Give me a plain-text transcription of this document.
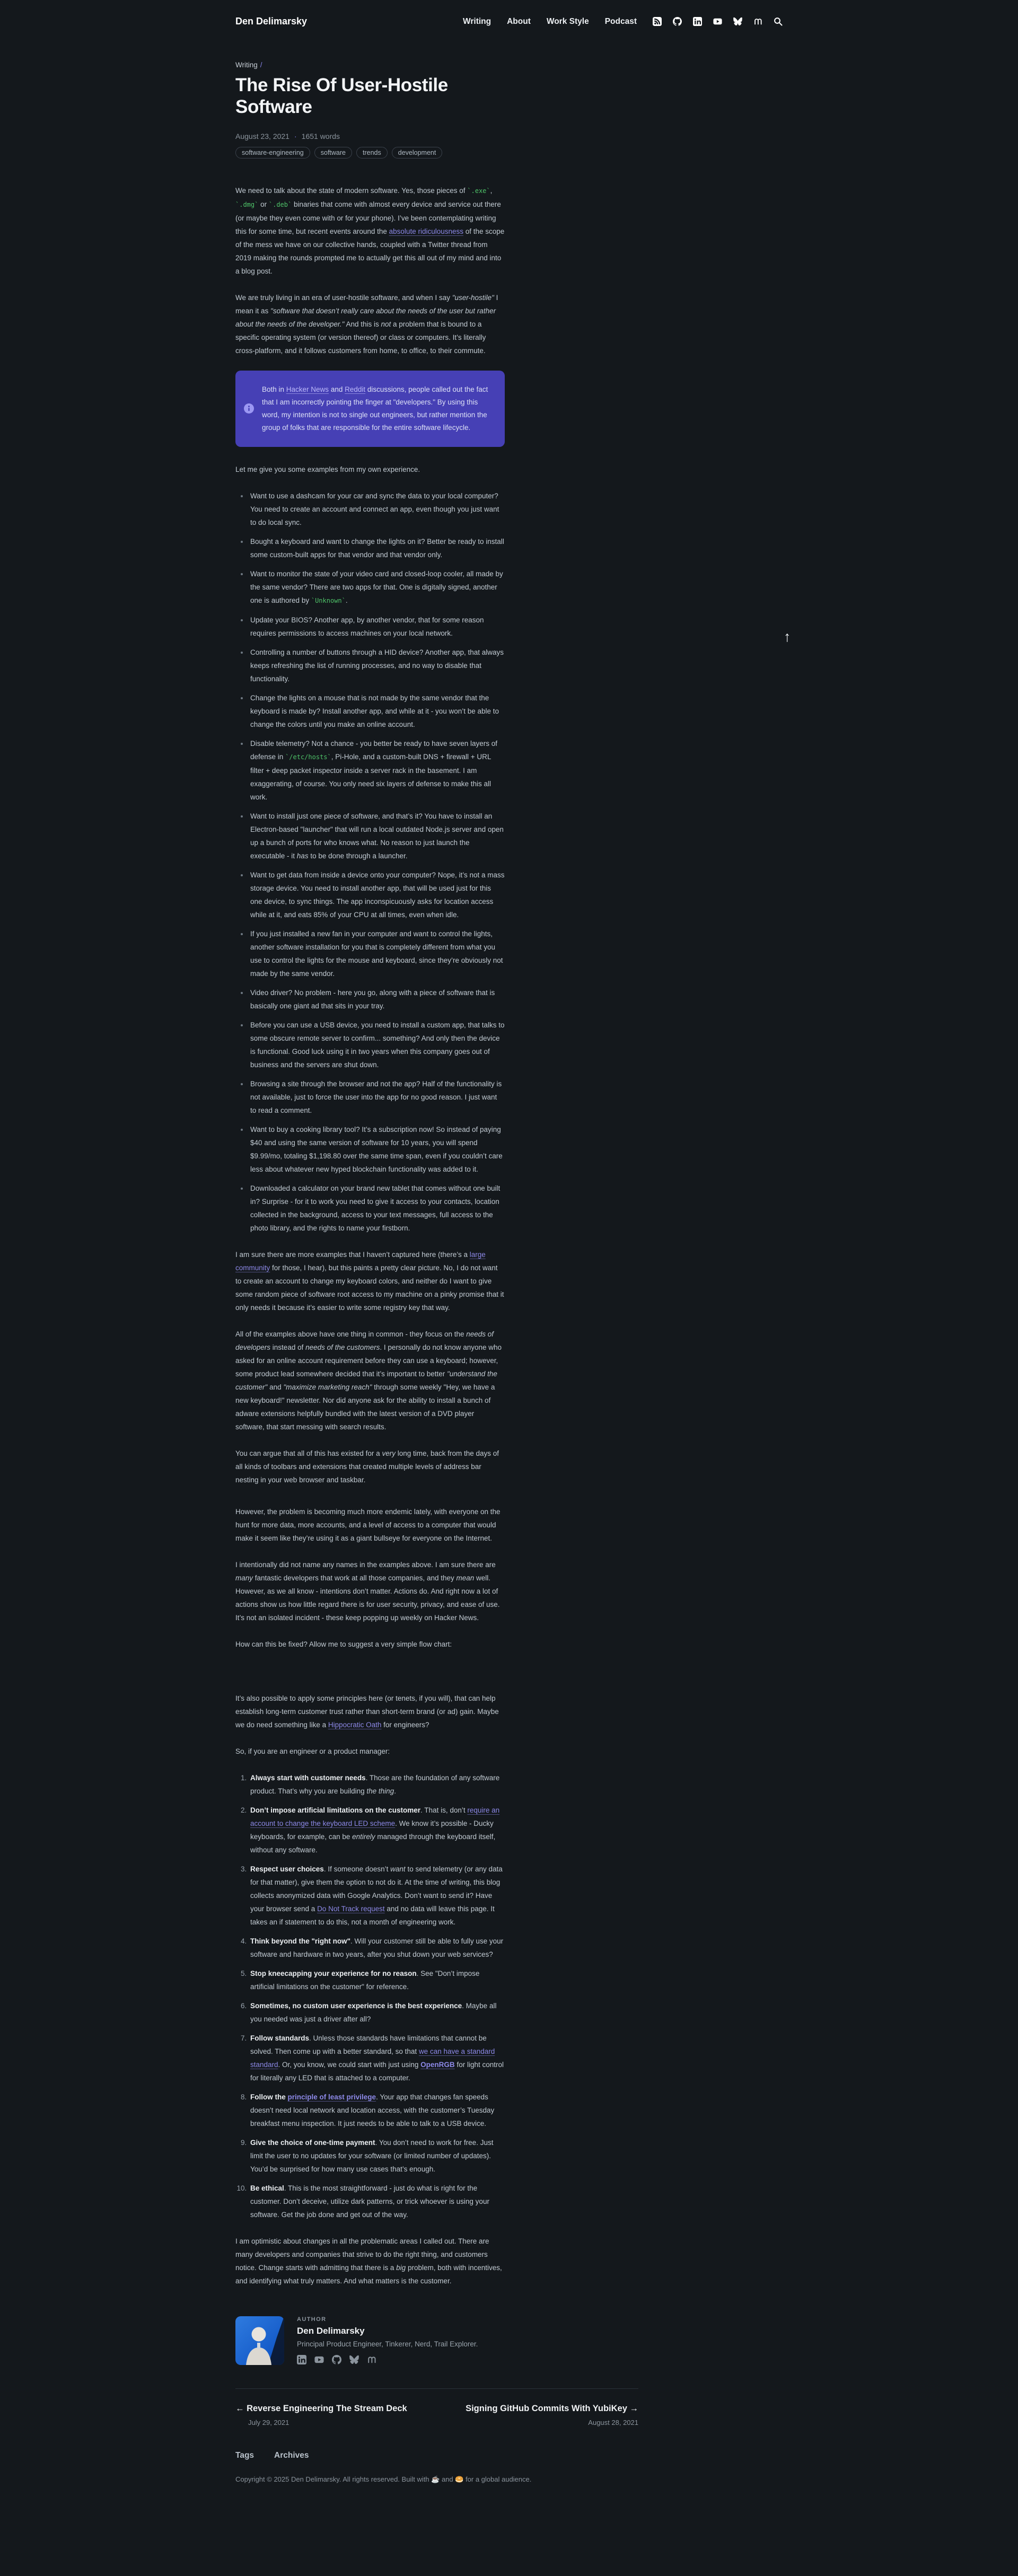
Den Delimarsky	Writing About Work Style Podcast
Writing /
The Rise Of User-Hostile Software
August 23, 2021 · 1651 words
software-engineering	software	trends	development

We need to talk about the state of modern software. Yes, those pieces of `.exe`, `.dmg` or `.deb` binaries that come with almost every device and service out there (or maybe they even come with or for your phone). I’ve been contemplating writing this for some time, but recent events around the absolute ridiculousness of the scope of the mess we have on our collective hands, coupled with a Twitter thread from 2019 making the rounds prompted me to actually get this all out of my mind and into a blog post.

We are truly living in an era of user-hostile software, and when I say "user-hostile" I mean it as "software that doesn’t really care about the needs of the user but rather about the needs of the developer." And this is not a problem that is bound to a specific operating system (or version thereof) or class or computers. It’s literally cross-platform, and it follows customers from home, to office, to their commute.

Both in Hacker News and Reddit discussions, people called out the fact that I am incorrectly pointing the finger at "developers." By using this word, my intention is not to single out engineers, but rather mention the group of folks that are responsible for the entire software lifecycle.

Let me give you some examples from my own experience.

• Want to use a dashcam for your car and sync the data to your local computer? You need to create an account and connect an app, even though you just want to do local sync.
• Bought a keyboard and want to change the lights on it? Better be ready to install some custom-built apps for that vendor and that vendor only.
• Want to monitor the state of your video card and closed-loop cooler, all made by the same vendor? There are two apps for that. One is digitally signed, another one is authored by `Unknown`.
• Update your BIOS? Another app, by another vendor, that for some reason requires permissions to access machines on your local network.
• Controlling a number of buttons through a HID device? Another app, that always keeps refreshing the list of running processes, and no way to disable that functionality.
• Change the lights on a mouse that is not made by the same vendor that the keyboard is made by? Install another app, and while at it - you won’t be able to change the colors until you make an online account.
• Disable telemetry? Not a chance - you better be ready to have seven layers of defense in `/etc/hosts`, Pi-Hole, and a custom-built DNS + firewall + URL filter + deep packet inspector inside a server rack in the basement. I am exaggerating, of course. You only need six layers of defense to make this all work.
• Want to install just one piece of software, and that’s it? You have to install an Electron-based "launcher" that will run a local outdated Node.js server and open up a bunch of ports for who knows what. No reason to just launch the executable - it has to be done through a launcher.
• Want to get data from inside a device onto your computer? Nope, it’s not a mass storage device. You need to install another app, that will be used just for this one device, to sync things. The app inconspicuously asks for location access while at it, and eats 85% of your CPU at all times, even when idle.
• If you just installed a new fan in your computer and want to control the lights, another software installation for you that is completely different from what you use to control the lights for the mouse and keyboard, since they’re obviously not made by the same vendor.
• Video driver? No problem - here you go, along with a piece of software that is basically one giant ad that sits in your tray.
• Before you can use a USB device, you need to install a custom app, that talks to some obscure remote server to confirm... something? And only then the device is functional. Good luck using it in two years when this company goes out of business and the servers are shut down.
• Browsing a site through the browser and not the app? Half of the functionality is not available, just to force the user into the app for no good reason. I just want to read a comment.
• Want to buy a cooking library tool? It’s a subscription now! So instead of paying $40 and using the same version of software for 10 years, you will spend $9.99/mo, totaling $1,198.80 over the same time span, even if you couldn’t care less about whatever new hyped blockchain functionality was added to it.
• Downloaded a calculator on your brand new tablet that comes without one built in? Surprise - for it to work you need to give it access to your contacts, location collected in the background, access to your text messages, full access to the photo library, and the rights to name your firstborn.

I am sure there are more examples that I haven’t captured here (there’s a large community for those, I hear), but this paints a pretty clear picture. No, I do not want to create an account to change my keyboard colors, and neither do I want to give some random piece of software root access to my machine on a pinky promise that it only needs it because it’s easier to write some registry key that way.

All of the examples above have one thing in common - they focus on the needs of developers instead of needs of the customers. I personally do not know anyone who asked for an online account requirement before they can use a keyboard; however, some product lead somewhere decided that it’s important to better "understand the customer" and "maximize marketing reach" through some weekly "Hey, we have a new keyboard!" newsletter. Nor did anyone ask for the ability to install a bunch of adware extensions helpfully bundled with the latest version of a DVD player software, that start messing with search results.

You can argue that all of this has existed for a very long time, back from the days of all kinds of toolbars and extensions that created multiple levels of address bar nesting in your web browser and taskbar.

However, the problem is becoming much more endemic lately, with everyone on the hunt for more data, more accounts, and a level of access to a computer that would make it seem like they’re using it as a giant bullseye for everyone on the Internet.

I intentionally did not name any names in the examples above. I am sure there are many fantastic developers that work at all those companies, and they mean well. However, as we all know - intentions don’t matter. Actions do. And right now a lot of actions show us how little regard there is for user security, privacy, and ease of use. It’s not an isolated incident - these keep popping up weekly on Hacker News.

How can this be fixed? Allow me to suggest a very simple flow chart:

It’s also possible to apply some principles here (or tenets, if you will), that can help establish long-term customer trust rather than short-term brand (or ad) gain. Maybe we do need something like a Hippocratic Oath for engineers?

So, if you are an engineer or a product manager:

1. Always start with customer needs. Those are the foundation of any software product. That’s why you are building the thing.
2. Don’t impose artificial limitations on the customer. That is, don’t require an account to change the keyboard LED scheme. We know it’s possible - Ducky keyboards, for example, can be entirely managed through the keyboard itself, without any software.
3. Respect user choices. If someone doesn’t want to send telemetry (or any data for that matter), give them the option to not do it. At the time of writing, this blog collects anonymized data with Google Analytics. Don’t want to send it? Have your browser send a Do Not Track request and no data will leave this page. It takes an if statement to do this, not a month of engineering work.
4. Think beyond the "right now". Will your customer still be able to fully use your software and hardware in two years, after you shut down your web services?
5. Stop kneecapping your experience for no reason. See "Don’t impose artificial limitations on the customer" for reference.
6. Sometimes, no custom user experience is the best experience. Maybe all you needed was just a driver after all?
7. Follow standards. Unless those standards have limitations that cannot be solved. Then come up with a better standard, so that we can have a standard standard. Or, you know, we could start with just using OpenRGB for light control for literally any LED that is attached to a computer.
8. Follow the principle of least privilege. Your app that changes fan speeds doesn’t need local network and location access, with the customer’s Tuesday breakfast menu inspection. It just needs to be able to talk to a USB device.
9. Give the choice of one-time payment. You don’t need to work for free. Just limit the user to no updates for your software (or limited number of updates). You’d be surprised for how many use cases that’s enough.
10. Be ethical. This is the most straightforward - just do what is right for the customer. Don’t deceive, utilize dark patterns, or trick whoever is using your software. Get the job done and get out of the way.

I am optimistic about changes in all the problematic areas I called out. There are many developers and companies that strive to do the right thing, and customers notice. Change starts with admitting that there is a big problem, both with incentives, and identifying what truly matters. And what matters is the customer.

AUTHOR
Den Delimarsky
Principal Product Engineer, Tinkerer, Nerd, Trail Explorer.
← Reverse Engineering The Stream Deck
July 29, 2021
Signing GitHub Commits With YubiKey →
August 28, 2021
Tags Archives
Copyright © 2025 Den Delimarsky. All rights reserved. Built with ☕ and 🥯 for a global audience.
↑
